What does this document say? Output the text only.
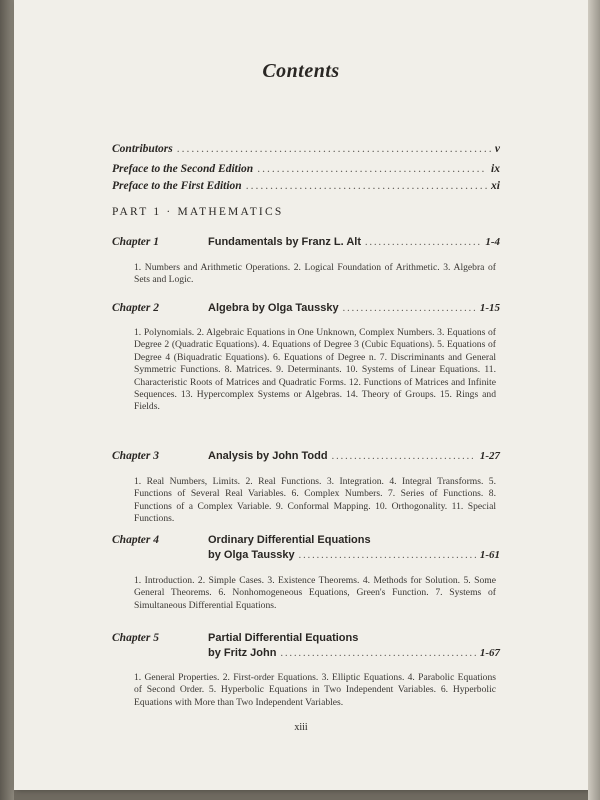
Contents
Contributors .....	v
Preface to the Second Edition .....	ix
Preface to the First Edition .....	xi
PART 1 · MATHEMATICS
Chapter 1	Fundamentals by Franz L. Alt .....	1-4
1. Numbers and Arithmetic Operations. 2. Logical Foundation of Arithmetic. 3. Algebra of Sets and Logic.
Chapter 2	Algebra by Olga Taussky .....	1-15
1. Polynomials. 2. Algebraic Equations in One Unknown, Complex Numbers. 3. Equations of Degree 2 (Quadratic Equations). 4. Equations of Degree 3 (Cubic Equations). 5. Equations of Degree 4 (Biquadratic Equations). 6. Equations of Degree n. 7. Discriminants and General Symmetric Functions. 8. Matrices. 9. Determinants. 10. Systems of Linear Equations. 11. Characteristic Roots of Matrices and Quadratic Forms. 12. Functions of Matrices and Infinite Sequences. 13. Hypercomplex Systems or Algebras. 14. Theory of Groups. 15. Rings and Fields.
Chapter 3	Analysis by John Todd .....	1-27
1. Real Numbers, Limits. 2. Real Functions. 3. Integration. 4. Integral Transforms. 5. Functions of Several Real Variables. 6. Complex Numbers. 7. Series of Functions. 8. Functions of a Complex Variable. 9. Conformal Mapping. 10. Orthogonality. 11. Special Functions.
Chapter 4	Ordinary Differential Equations
by Olga Taussky .....	1-61
1. Introduction. 2. Simple Cases. 3. Existence Theorems. 4. Methods for Solution. 5. Some General Theorems. 6. Nonhomogeneous Equations, Green's Function. 7. Systems of Simultaneous Differential Equations.
Chapter 5	Partial Differential Equations
by Fritz John .....	1-67
1. General Properties. 2. First-order Equations. 3. Elliptic Equations. 4. Parabolic Equations of Second Order. 5. Hyperbolic Equations in Two Independent Variables. 6. Hyperbolic Equations with More than Two Independent Variables.
xiii
